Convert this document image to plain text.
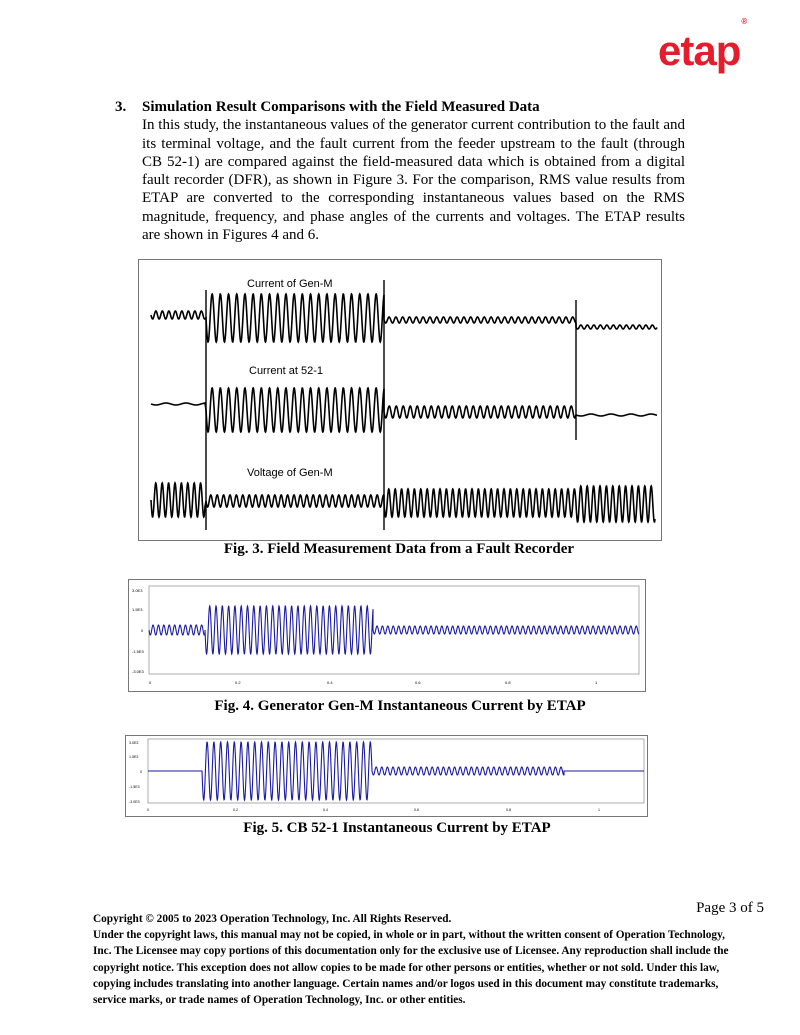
etap®
3.	Simulation Result Comparisons with the Field Measured Data

In this study, the instantaneous values of the generator current contribution to the fault and its terminal voltage, and the fault current from the feeder upstream to the fault (through CB 52-1) are compared against the field-measured data which is obtained from a digital fault recorder (DFR), as shown in Figure 3. For the comparison, RMS value results from ETAP are converted to the corresponding instantaneous values based on the RMS magnitude, frequency, and phase angles of the currents and voltages. The ETAP results are shown in Figures 4 and 6.

Current of Gen-M
Current at 52-1
Voltage of Gen-M
Fig. 3. Field Measurement Data from a Fault Recorder
3.0E3
1.5E3
0
-1.5E3
-3.0E3
0	0.2	0.4	0.6	0.8	1
Fig. 4. Generator Gen-M Instantaneous Current by ETAP
3.0E3
1.5E3
0
-1.5E3
-3.0E3
0	0.2	0.4	0.6	0.8	1
Fig. 5. CB 52-1 Instantaneous Current by ETAP
Page 3 of 5

Copyright © 2005 to 2023 Operation Technology, Inc. All Rights Reserved.

Under the copyright laws, this manual may not be copied, in whole or in part, without the written consent of Operation Technology, Inc. The Licensee may copy portions of this documentation only for the exclusive use of Licensee. Any reproduction shall include the copyright notice. This exception does not allow copies to be made for other persons or entities, whether or not sold. Under this law, copying includes translating into another language. Certain names and/or logos used in this document may constitute trademarks, service marks, or trade names of Operation Technology, Inc. or other entities.
